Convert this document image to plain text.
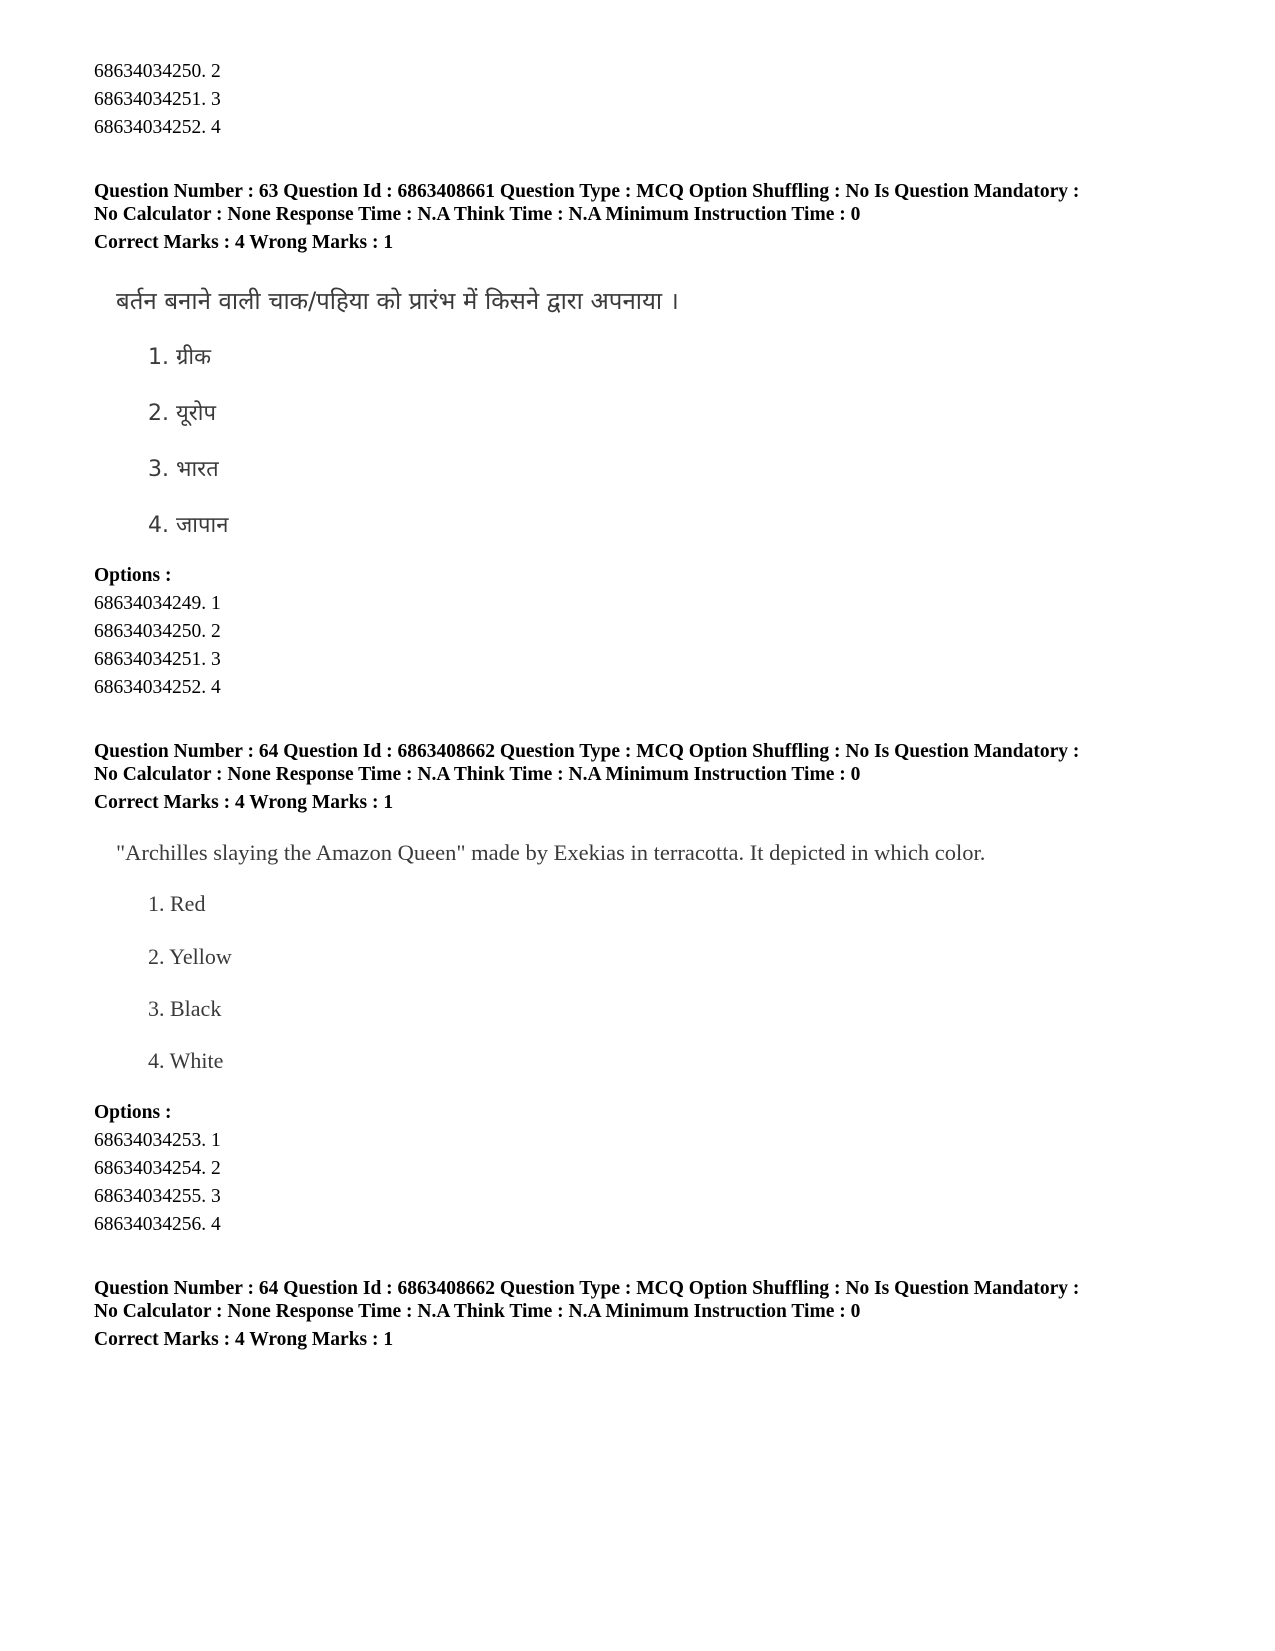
68634034250. 2
68634034251. 3
68634034252. 4
Question Number : 63 Question Id : 6863408661 Question Type : MCQ Option Shuffling : No Is Question Mandatory :
No Calculator : None Response Time : N.A Think Time : N.A Minimum Instruction Time : 0
Correct Marks : 4 Wrong Marks : 1
बर्तन बनाने वाली चाक/पहिया को प्रारंभ में किसने द्वारा अपनाया ।
1. ग्रीक
2. यूरोप
3. भारत
4. जापान
Options :
68634034249. 1
68634034250. 2
68634034251. 3
68634034252. 4
Question Number : 64 Question Id : 6863408662 Question Type : MCQ Option Shuffling : No Is Question Mandatory :
No Calculator : None Response Time : N.A Think Time : N.A Minimum Instruction Time : 0
Correct Marks : 4 Wrong Marks : 1
"Archilles slaying the Amazon Queen" made by Exekias in terracotta. It depicted in which color.
1. Red
2. Yellow
3. Black
4. White
Options :
68634034253. 1
68634034254. 2
68634034255. 3
68634034256. 4
Question Number : 64 Question Id : 6863408662 Question Type : MCQ Option Shuffling : No Is Question Mandatory :
No Calculator : None Response Time : N.A Think Time : N.A Minimum Instruction Time : 0
Correct Marks : 4 Wrong Marks : 1
